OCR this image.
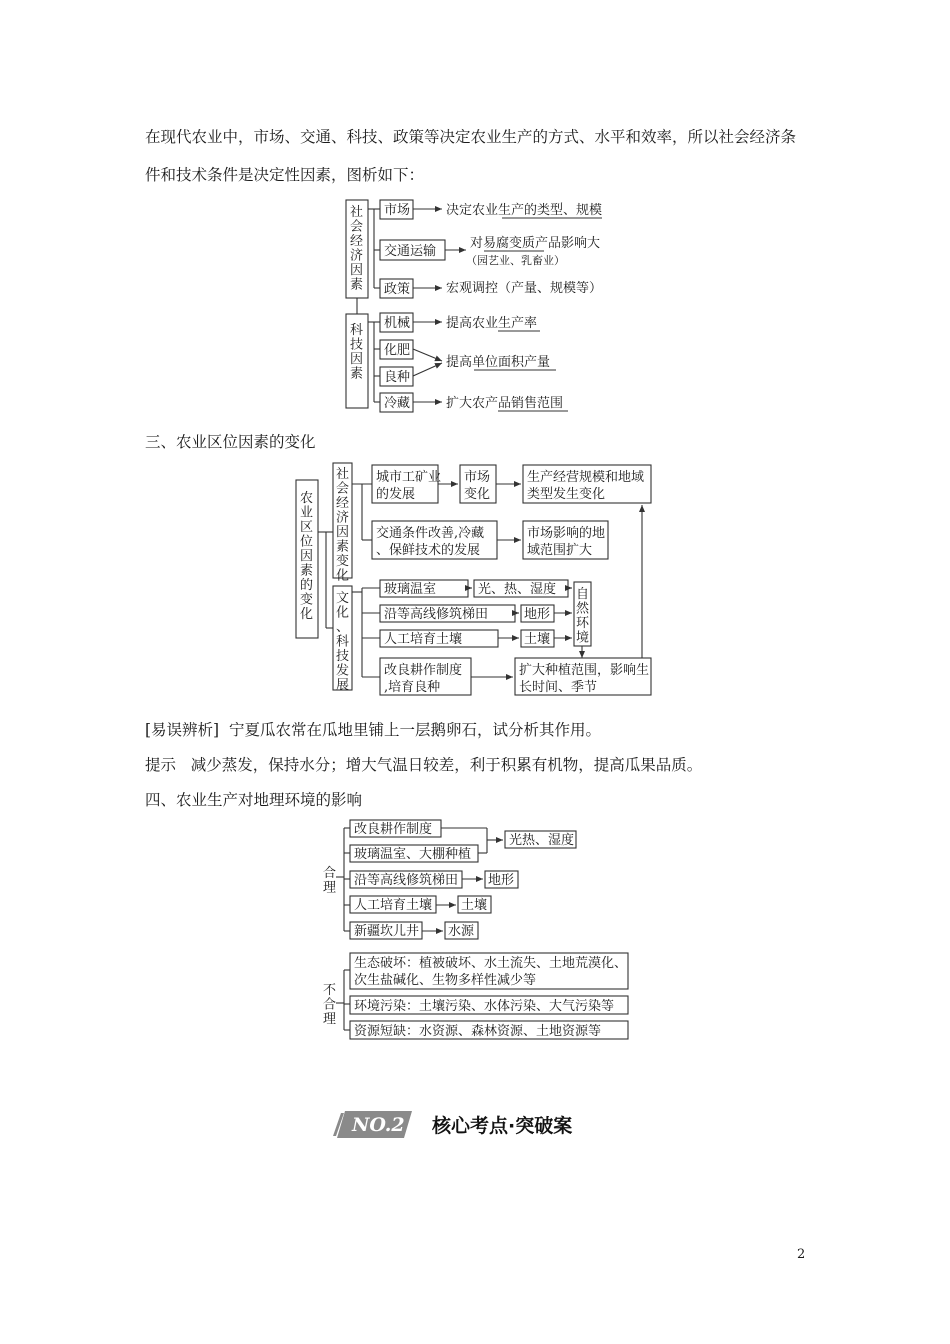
在现代农业中，市场、交通、科技、政策等决定农业生产的方式、水平和效率，所以社会经济条
件和技术条件是决定性因素，图析如下：
三、农业区位因素的变化
[易误辨析] 宁夏瓜农常在瓜地里铺上一层鹅卵石，试分析其作用。
提示 减少蒸发，保持水分；增大气温日较差，利于积累有机物，提高瓜果品质。
四、农业生产对地理环境的影响
社会经济因素
科技因素
市场	决定农业生产的类型、规模
交通运输
对易腐变质产品影响大
（园艺业、乳畜业）
政策	宏观调控（产量、规模等）
机械	提高农业生产率
化肥
良种
提高单位面积产量
冷藏	扩大农产品销售范围
农业区位因素的变化
社会经济因素变化
文化、科技发展
城市工矿业的发展
市场变化
生产经营规模和地域类型发生变化
交通条件改善,冷藏、保鲜技术的发展
市场影响的地域范围扩大
玻璃温室	光、热、湿度
沿等高线修筑梯田	地形
人工培育土壤	土壤
自然环境
改良耕作制度,培育良种
扩大种植范围，影响生长时间、季节
合理
改良耕作制度
玻璃温室、大棚种植
光热、湿度
沿等高线修筑梯田 地形
人工培育土壤 土壤
新疆坎儿井 水源
不合理
生态破坏：植被破坏、水土流失、土地荒漠化、
次生盐碱化、生物多样性减少等
环境污染：土壤污染、水体污染、大气污染等
资源短缺：水资源、森林资源、土地资源等
NO.2 核心考点·突破案
2
